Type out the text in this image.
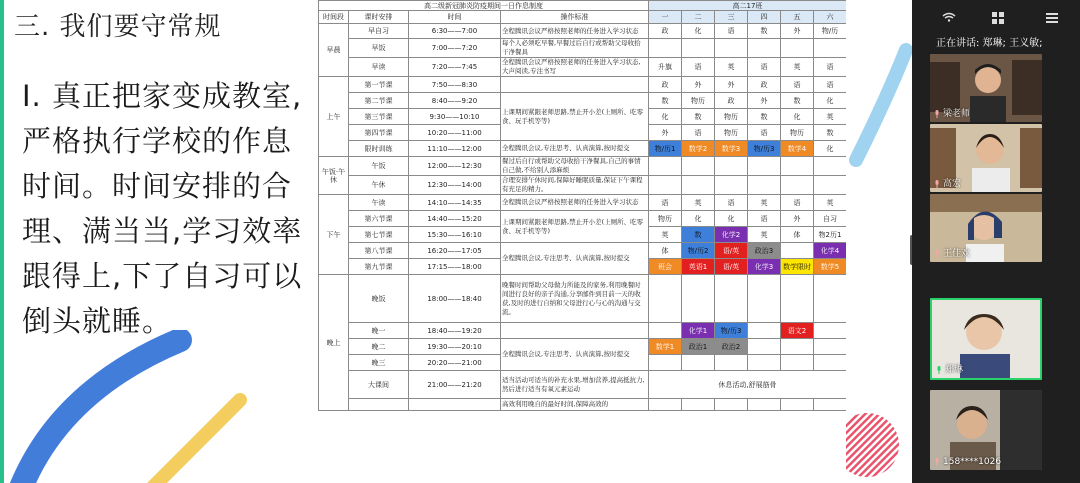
三. 我们要守常规
I. 真正把家变成教室,严格执行学校的作息时间。时间安排的合理、满当当,学习效率跟得上,下了自习可以倒头就睡。
高二级新冠肺炎防疫期间一日作息制度				高二17班					
时间段	课时安排	时间	操作标准	一	二	三	四	五	六
早晨	早自习	6:30——7:00	全程腾讯会议严格按照老师的任务进入学习状态	政	化	语	数	外	物/历
	早饭	7:00——7:20	每个人必须吃早餐,早餐过后自行或帮助父母收拾干净餐具						
	早读	7:20——7:45	全程腾讯会议严格按照老师的任务进入学习状态,大声阅读,专注书写	升旗	语	英	语	英	语
上午	第一节课	7:50——8:30		政	外	外	政	语	语
	第二节课	8:40——9:20	上课期间紧跟老师思路,禁止开小差(上厕所、吃零食、玩手机等等)	数	物历	政	外	数	化
	第三节课	9:30——10:10		化	数	物历	数	化	英
	第四节课	10:20——11:00		外	语	物历	语	物历	数
	限时训练	11:10——12:00	全程腾讯会议,专注思考、认真演算,按时提交	物/历1	数学2	数学3	物/历3	数学4	化
午饭·午休	午饭	12:00——12:30	餐过后自行或帮助父母收拾干净餐具,自己的事情自己做,不给别人添麻烦						
	午休	12:30——14:00	合理安排午休时间,保障好睡眠质量,保证下午课程有充足的精力。						
下午	午读	14:10——14:35	全程腾讯会议严格按照老师的任务进入学习状态	语	英	语	英	语	英
	第六节课	14:40——15:20	上课期间紧跟老师思路,禁止开小差(上厕所、吃零食、玩手机等等)	物历	化	化	语	外	自习
	第七节课	15:30——16:10		英	数	化学2	英	体	物2历1
	第八节课	16:20——17:05	全程腾讯会议,专注思考、认真演算,按时提交	体	物/历2	语/英	政治3		化学4
	第九节课	17:15——18:00		班会	英语1	语/英	化学3	数学限时	数学5
晚上	晚饭	18:00——18:40	晚餐时间帮助父母做力所能及的家务,利用晚餐时间进行良好的亲子沟通,分享邮件到目前一天的收获,及时的进行自纳和父母进行心与心的沟通与交流。						
	晚一	18:40——19:20			化学1	物/历3		语文2	
	晚二	19:30——20:10	全程腾讯会议,专注思考、认真演算,按时提交	数学1	政治1	政治2			
	晚三	20:20——21:00							
	大课间	21:00——21:20	适当活动可适当的补充水果,增加营养,提高抵抗力,然后进行适当有氧元素运动	休息活动,舒展筋骨					
			高效利用晚自的最好时间,保障高效的						
正在讲话: 郑琳; 王义敏;
梁老师
高宏
王佳欢
郑琳
158****1026
